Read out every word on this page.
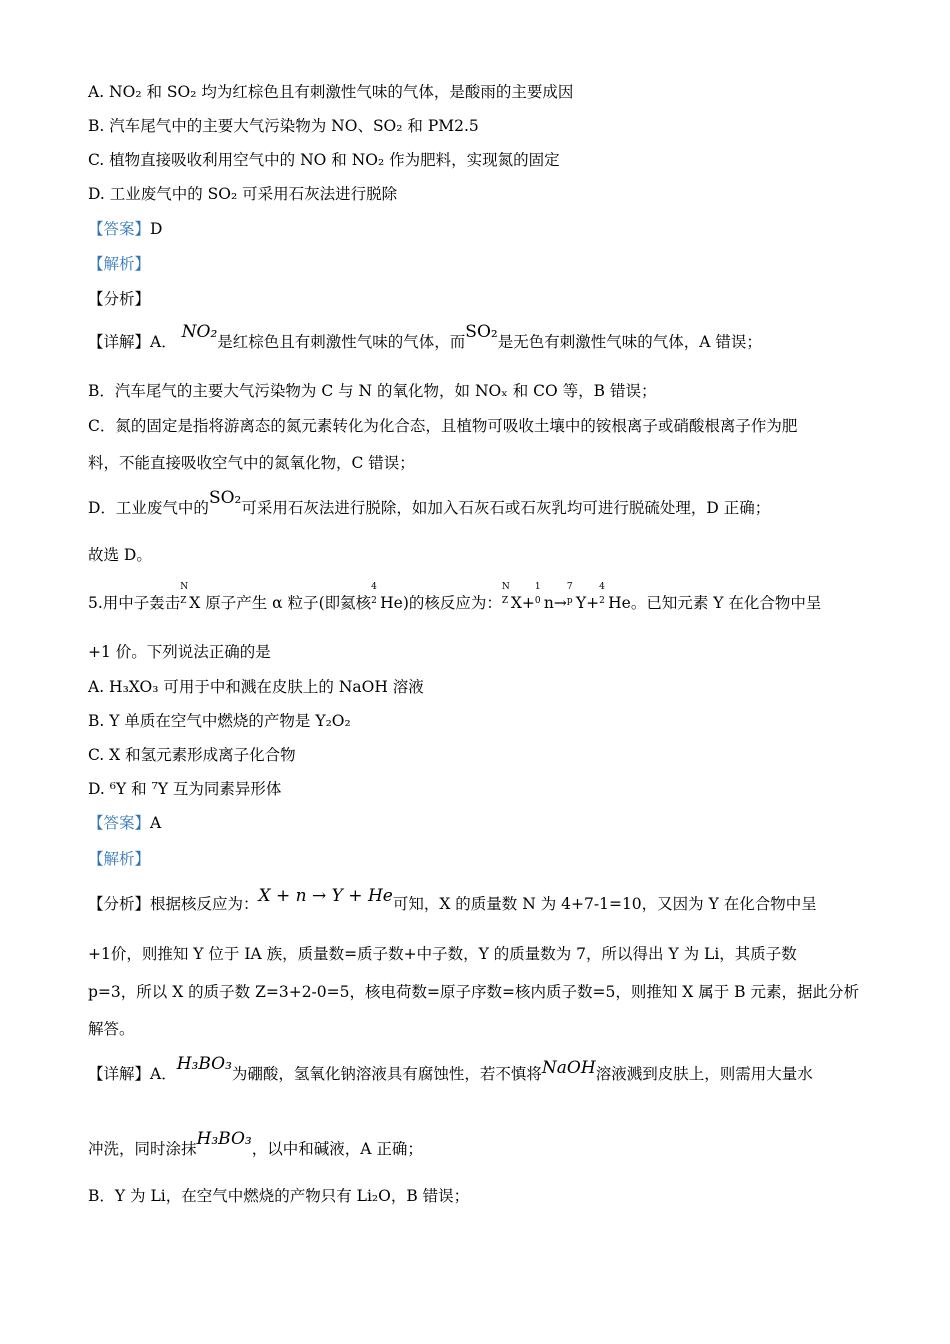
A. NO₂ 和 SO₂ 均为红棕色且有刺激性气味的气体，是酸雨的主要成因
B. 汽车尾气中的主要大气污染物为 NO、SO₂ 和 PM2.5
C. 植物直接吸收利用空气中的 NO 和 NO₂ 作为肥料，实现氮的固定
D. 工业废气中的 SO₂ 可采用石灰法进行脱除
【答案】D
【解析】
【分析】
【详解】A． NO₂是红棕色且有刺激性气味的气体，而SO₂是无色有刺激性气味的气体，A 错误；
B．汽车尾气的主要大气污染物为 C 与 N 的氧化物，如 NOₓ 和 CO 等，B 错误；
C．氮的固定是指将游离态的氮元素转化为化合态，且植物可吸收土壤中的铵根离子或硝酸根离子作为肥
料，不能直接吸收空气中的氮氧化物，C 错误；
D．工业废气中的SO₂可采用石灰法进行脱除，如加入石灰石或石灰乳均可进行脱硫处理，D 正确；
故选 D。
5.用中子轰击
N
Z X 原子产生 α 粒子(即氦核
4
2 He)的核反应为：
N
Z X+
1
0 n→
7
p Y+
4
2 He。已知元素 Y 在化合物中呈
+1 价。下列说法正确的是
A. H₃XO₃ 可用于中和溅在皮肤上的 NaOH 溶液
B. Y 单质在空气中燃烧的产物是 Y₂O₂
C. X 和氢元素形成离子化合物
D. ⁶Y 和 ⁷Y 互为同素异形体
【答案】A
【解析】
【分析】根据核反应为：X + n → Y + He可知，X 的质量数 N 为 4+7-1=10，又因为 Y 在化合物中呈
+1价，则推知 Y 位于 IA 族，质量数=质子数+中子数，Y 的质量数为 7，所以得出 Y 为 Li，其质子数
p=3，所以 X 的质子数 Z=3+2-0=5，核电荷数=原子序数=核内质子数=5，则推知 X 属于 B 元素，据此分析
解答。
【详解】A．H₃BO₃为硼酸，氢氧化钠溶液具有腐蚀性，若不慎将NaOH溶液溅到皮肤上，则需用大量水
冲洗，同时涂抹H₃BO₃，以中和碱液，A 正确；
B．Y 为 Li，在空气中燃烧的产物只有 Li₂O，B 错误；
